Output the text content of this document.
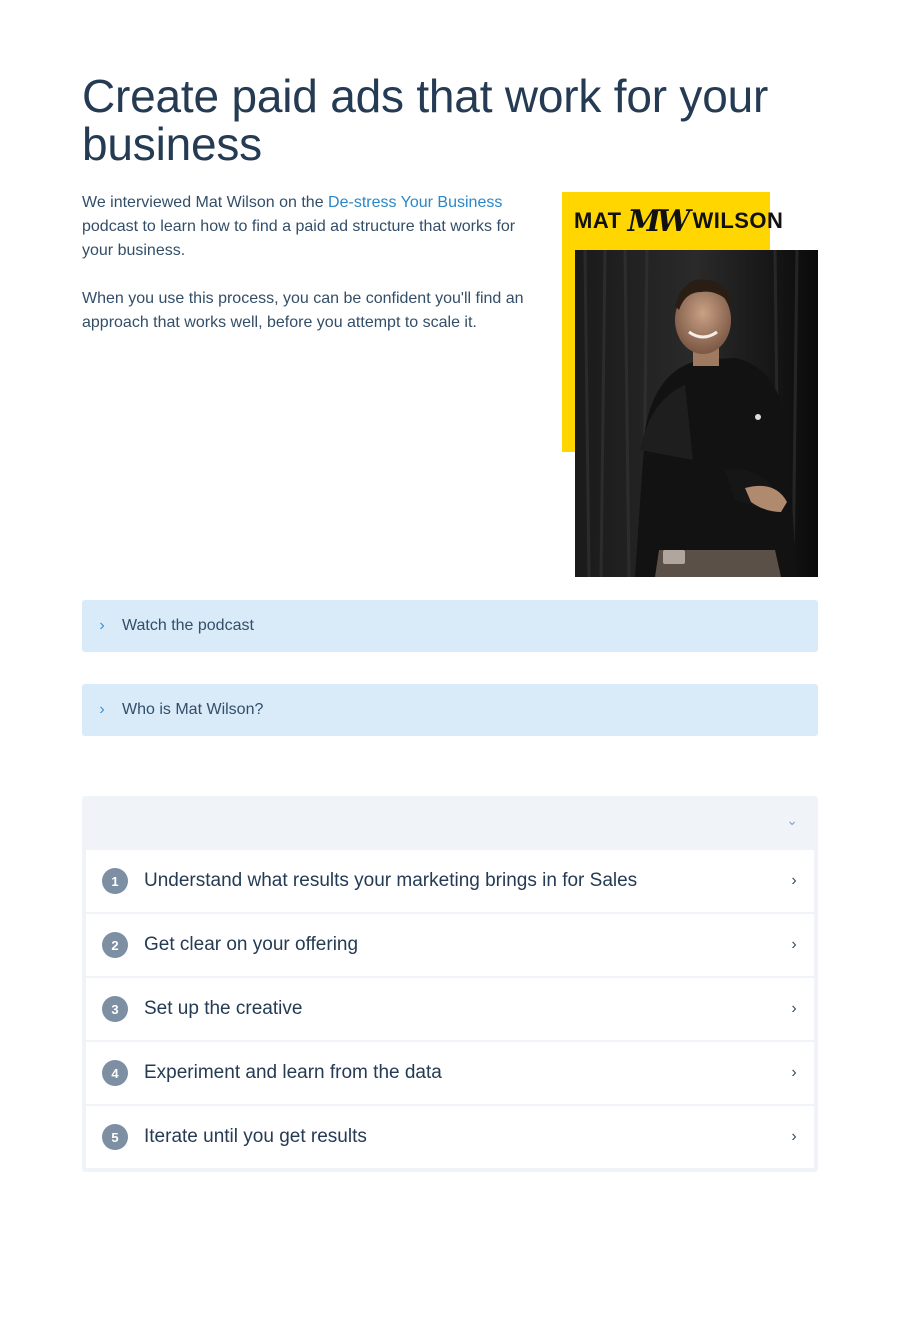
Create paid ads that work for your business

We interviewed Mat Wilson on the De-stress Your Business podcast to learn how to find a paid ad structure that works for your business.

When you use this process, you can be confident you'll find an approach that works well, before you attempt to scale it.

MAT MW WILSON
›	Watch the podcast
›	Who is Mat Wilson?
⌄
1	Understand what results your marketing brings in for Sales	›
2	Get clear on your offering	›
3	Set up the creative	›
4	Experiment and learn from the data	›
5	Iterate until you get results	›
